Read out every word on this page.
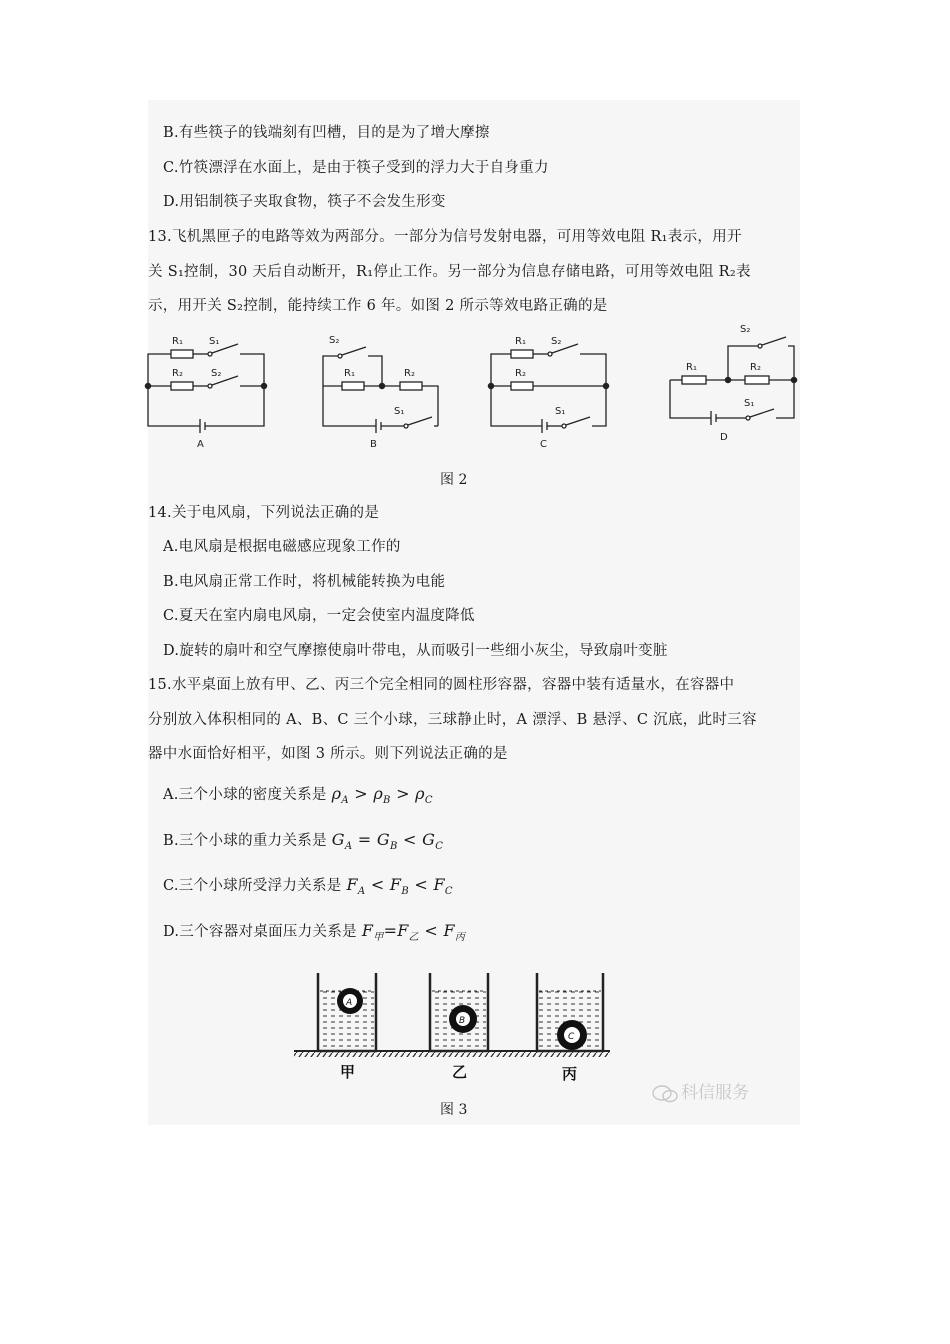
B.有些筷子的钱端刻有凹槽，目的是为了增大摩擦
C.竹筷漂浮在水面上，是由于筷子受到的浮力大于自身重力
D.用铝制筷子夹取食物，筷子不会发生形变
13.飞机黑匣子的电路等效为两部分。一部分为信号发射电器，可用等效电阻 R₁表示，用开
关 S₁控制，30 天后自动断开，R₁停止工作。另一部分为信息存储电路，可用等效电阻 R₂表
示，用开关 S₂控制，能持续工作 6 年。如图 2 所示等效电路正确的是
R₁	S₁
R₂	S₂
A
S₂
R₁	R₂
S₁
B
R₁	S₂
R₂
S₁
C
S₂
R₁	R₂
S₁
D
图 2
14.关于电风扇，下列说法正确的是
A.电风扇是根据电磁感应现象工作的
B.电风扇正常工作时，将机械能转换为电能
C.夏天在室内扇电风扇，一定会使室内温度降低
D.旋转的扇叶和空气摩擦使扇叶带电，从而吸引一些细小灰尘，导致扇叶变脏
15.水平桌面上放有甲、乙、丙三个完全相同的圆柱形容器，容器中装有适量水，在容器中
分别放入体积相同的 A、B、C 三个小球，三球静止时，A 漂浮、B 悬浮、C 沉底，此时三容
器中水面恰好相平，如图 3 所示。则下列说法正确的是
A.三个小球的密度关系是 $\rho_A > \rho_B > \rho_C$
B.三个小球的重力关系是 $G_A = G_B < G_C$
C.三个小球所受浮力关系是 $F_A < F_B < F_C$
D.三个容器对桌面压力关系是 $F_甲=F_乙 < F_丙$
A
B
C
甲	乙	丙
图 3
科信服务
